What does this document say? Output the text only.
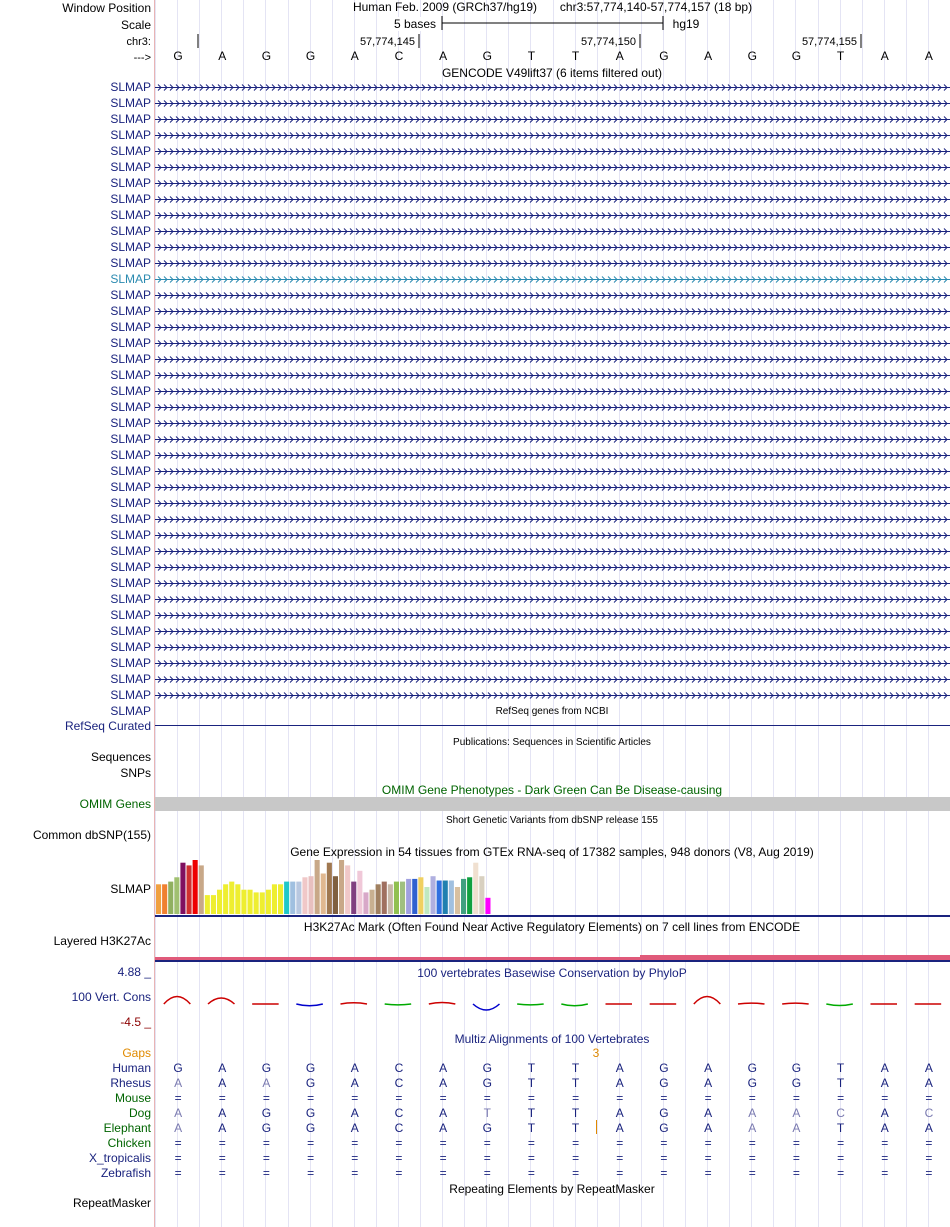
Window Position
Scale
chr3:
--->
SLMAP
SLMAP
SLMAP
SLMAP
SLMAP
SLMAP
SLMAP
SLMAP
SLMAP
SLMAP
SLMAP
SLMAP
SLMAP
SLMAP
SLMAP
SLMAP
SLMAP
SLMAP
SLMAP
SLMAP
SLMAP
SLMAP
SLMAP
SLMAP
SLMAP
SLMAP
SLMAP
SLMAP
SLMAP
SLMAP
SLMAP
SLMAP
SLMAP
SLMAP
SLMAP
SLMAP
SLMAP
SLMAP
SLMAP
SLMAP
RefSeq Curated
Sequences
SNPs
OMIM Genes
Common dbSNP(155)
SLMAP
Layered H3K27Ac
4.88 _
100 Vert. Cons
-4.5 _
Gaps
Human
Rhesus
Mouse
Dog
Elephant
Chicken
X_tropicalis
Zebrafish
RepeatMasker
Human Feb. 2009 (GRCh37/hg19) chr3:57,774,140-57,774,157 (18 bp)
5 bases	hg19
57,774,145	57,774,150	57,774,155
G	A	G	G	A	C	A	G	T	T	A	G	A	G	G	T	A	A
GENCODE V49lift37 (6 items filtered out)
RefSeq genes from NCBI
Publications: Sequences in Scientific Articles
OMIM Gene Phenotypes - Dark Green Can Be Disease-causing
Short Genetic Variants from dbSNP release 155
Gene Expression in 54 tissues from GTEx RNA-seq of 17382 samples, 948 donors (V8, Aug 2019)
H3K27Ac Mark (Often Found Near Active Regulatory Elements) on 7 cell lines from ENCODE
100 vertebrates Basewise Conservation by PhyloP
Multiz Alignments of 100 Vertebrates
3
G	A	G	G	A	C	A	G	T	T	A	G	A	G	G	T	A	A
A	A	A	G	A	C	A	G	T	T	A	G	A	G	G	T	A	A
=	=	=	=	=	=	=	=	=	=	=	=	=	=	=	=	=	=
A	A	G	G	A	C	A	T	T	T	A	G	A	A	A	C	A	C
A	A	G	G	A	C	A	G	T	T	A	G	A	A	A	T	A	A
=	=	=	=	=	=	=	=	=	=	=	=	=	=	=	=	=	=
=	=	=	=	=	=	=	=	=	=	=	=	=	=	=	=	=	=
=	=	=	=	=	=	=	=	=	=	=	=	=	=	=	=	=	=
Repeating Elements by RepeatMasker
